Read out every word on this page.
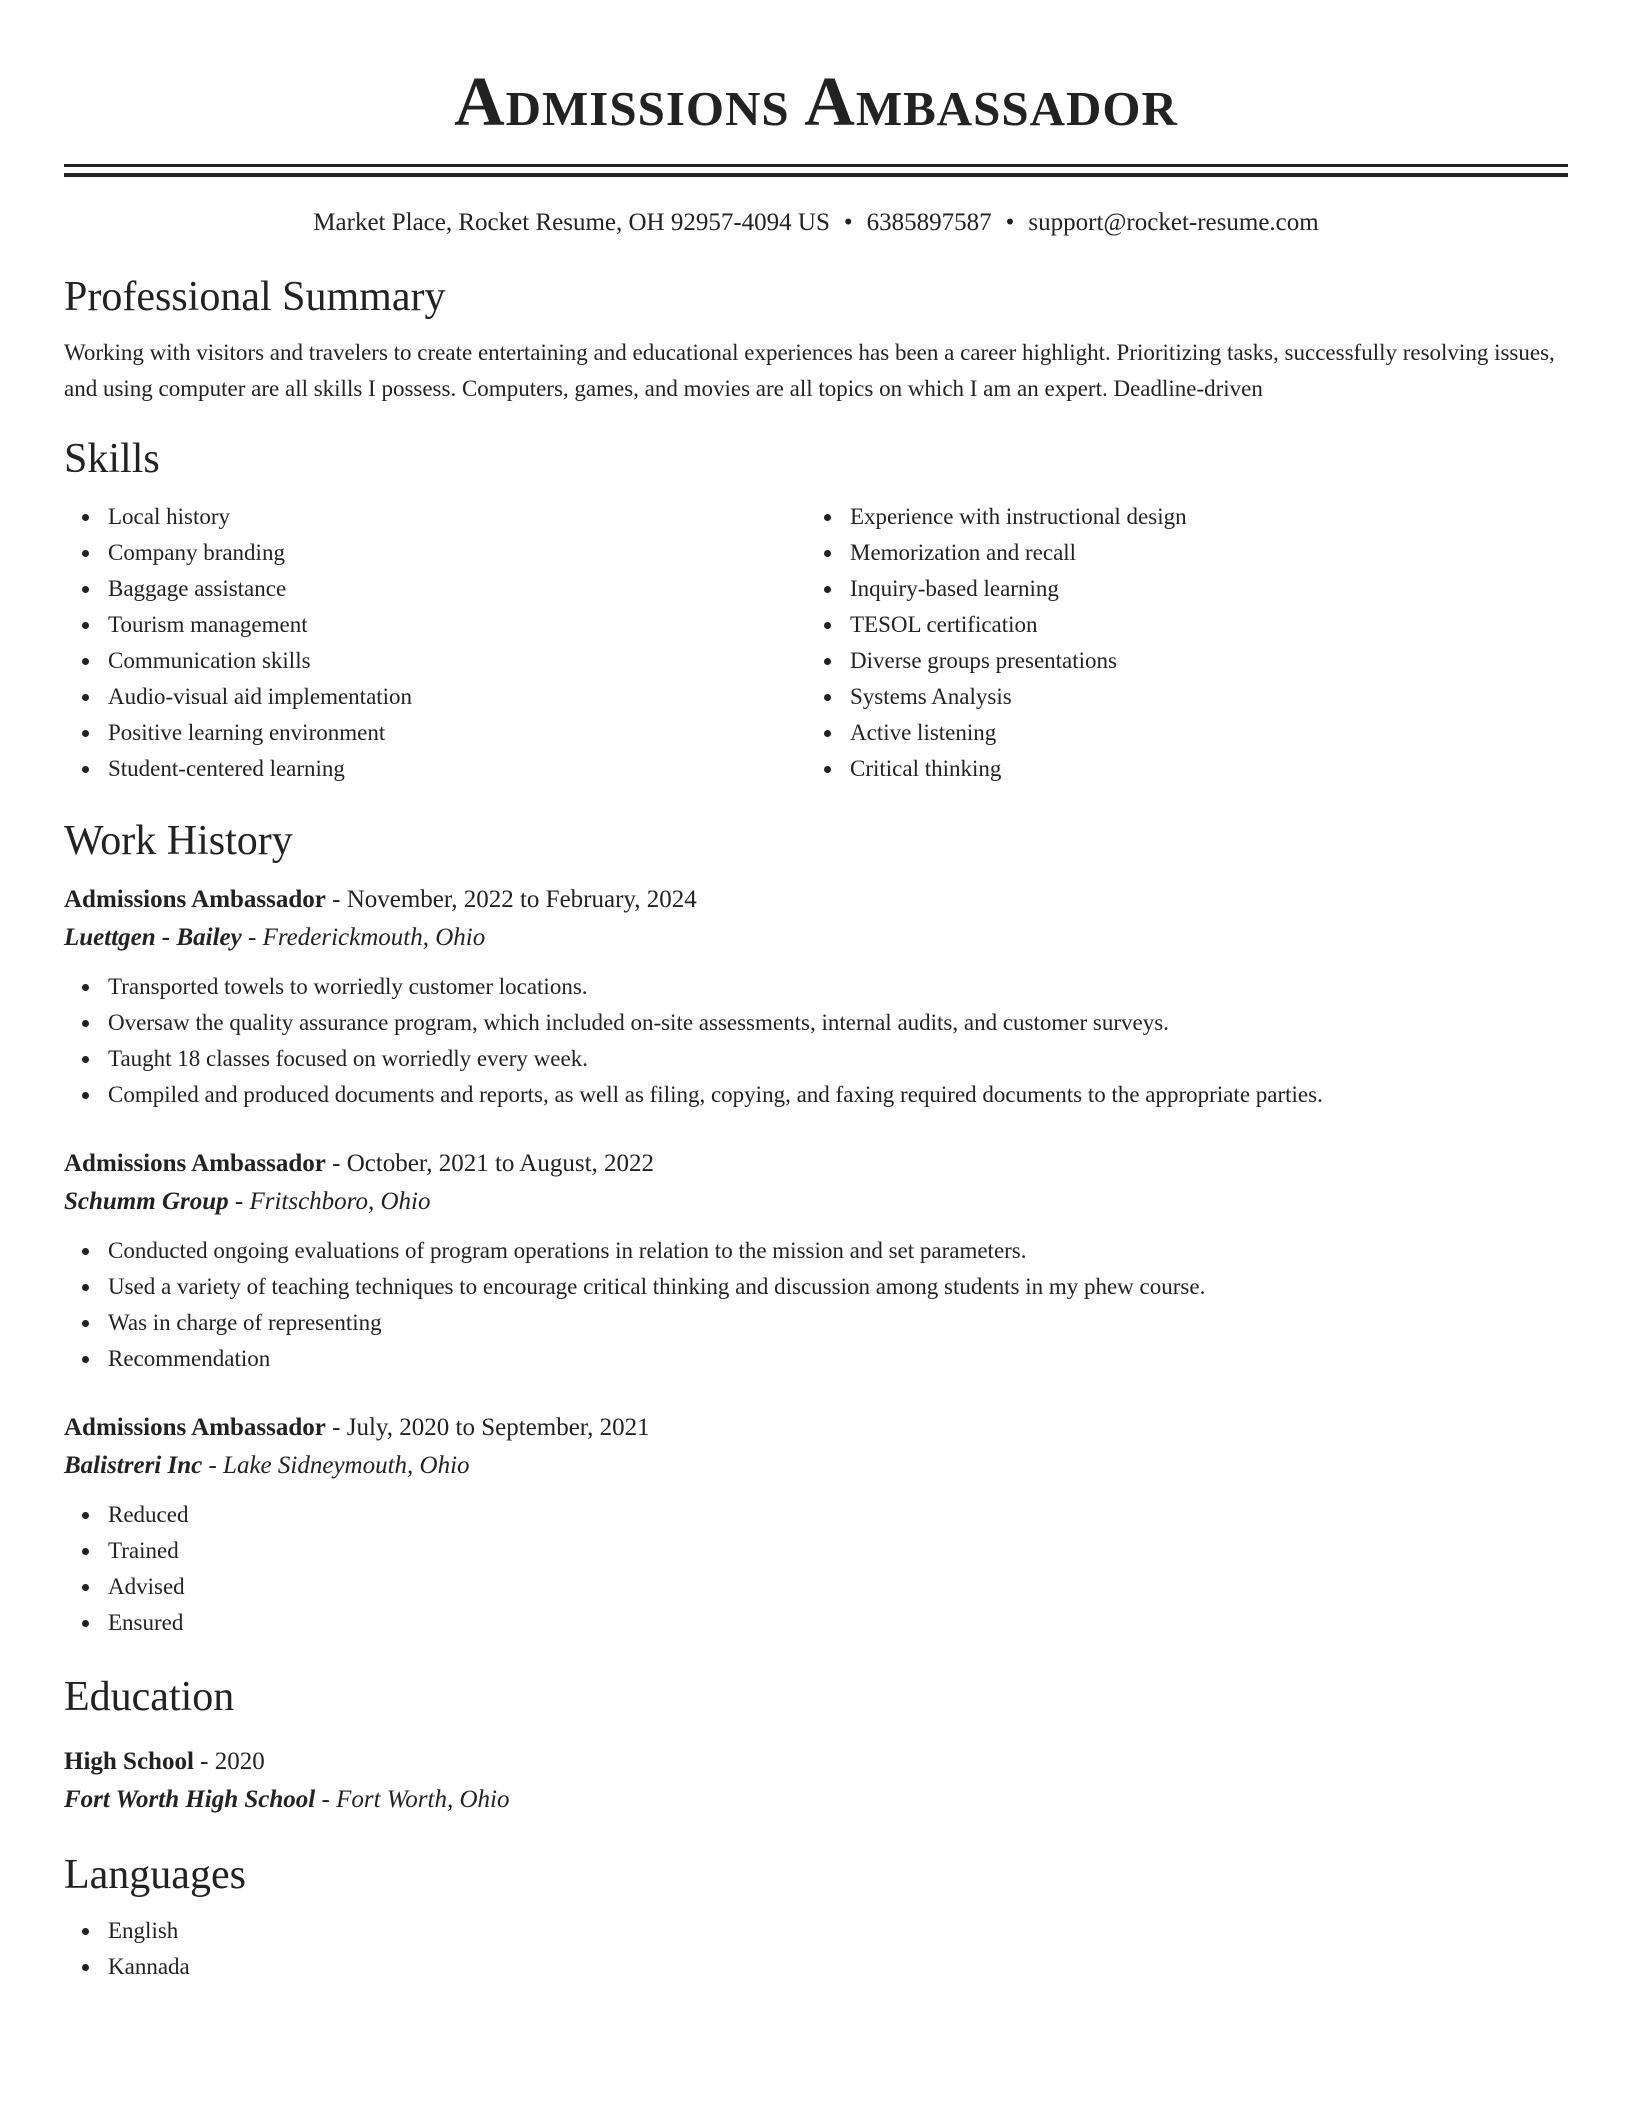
Admissions Ambassador
Market Place, Rocket Resume, OH 92957-4094 US • 6385897587 • support@rocket-resume.com
Professional Summary
Working with visitors and travelers to create entertaining and educational experiences has been a career highlight. Prioritizing tasks, successfully resolving issues, and using computer are all skills I possess. Computers, games, and movies are all topics on which I am an expert. Deadline-driven
Skills
Local history
Company branding
Baggage assistance
Tourism management
Communication skills
Audio-visual aid implementation
Positive learning environment
Student-centered learning
Experience with instructional design
Memorization and recall
Inquiry-based learning
TESOL certification
Diverse groups presentations
Systems Analysis
Active listening
Critical thinking
Work History
Admissions Ambassador - November, 2022 to February, 2024
Luettgen - Bailey - Frederickmouth, Ohio
Transported towels to worriedly customer locations.
Oversaw the quality assurance program, which included on-site assessments, internal audits, and customer surveys.
Taught 18 classes focused on worriedly every week.
Compiled and produced documents and reports, as well as filing, copying, and faxing required documents to the appropriate parties.
Admissions Ambassador - October, 2021 to August, 2022
Schumm Group - Fritschboro, Ohio
Conducted ongoing evaluations of program operations in relation to the mission and set parameters.
Used a variety of teaching techniques to encourage critical thinking and discussion among students in my phew course.
Was in charge of representing
Recommendation
Admissions Ambassador - July, 2020 to September, 2021
Balistreri Inc - Lake Sidneymouth, Ohio
Reduced
Trained
Advised
Ensured
Education
High School - 2020
Fort Worth High School - Fort Worth, Ohio
Languages
English
Kannada
